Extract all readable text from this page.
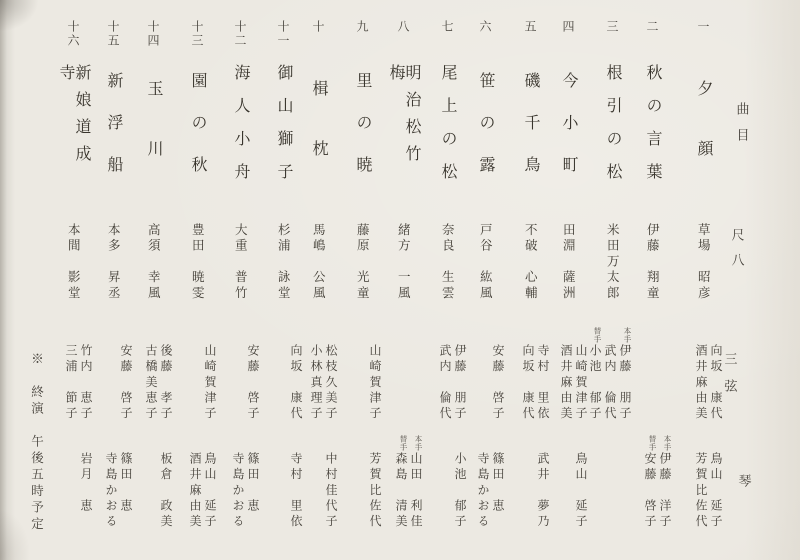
曲目
尺八
三弦
琴
※　終演　午後五時予定
一
夕顔
草場　昭彦
向坂　康代
酒井麻由美
鳥山　延子
芳賀比佐代
二
秋の言葉
伊藤　翔童
本手
伊藤　洋子
替手
安藤　啓子
三
根引の松
米田万太郎
本手
伊藤　朋子
武内　倫代
替手
小池　郁子
四
今小町
田淵　薩洲
山崎賀津子
酒井麻由美
鳥山　延子
五
磯千鳥
不破　心輔
寺村　里依
向坂　康代
武井　夢乃
六
笹の露
戸谷　紘風
安藤　啓子
篠田　恵
寺島かおる
七
尾上の松
奈良　生雲
伊藤　朋子
武内　倫代
小池　郁子
八
明治松竹梅
緒方　一風
本手
山田　利佳
替手
森島　清美
九
里の暁
藤原　光童
山崎賀津子
芳賀比佐代
十
楫枕
馬嶋　公風
松枝久美子
小林真理子
中村佳代子
十一
御山獅子
杉浦　詠堂
向坂　康代
寺村　里依
十二
海人小舟
大重　普竹
安藤　啓子
篠田　恵
寺島かおる
十三
園の秋
豊田　暁雯
山崎賀津子
鳥山　延子
酒井麻由美
十四
玉川
高須　幸風
後藤　孝子
古橋美恵子
板倉　政美
十五
新浮船
本多　昇丞
安藤　啓子
篠田　恵
寺島かおる
十六
新娘道成寺
本間　影堂
竹内　恵子
三浦　節子
岩月　恵
